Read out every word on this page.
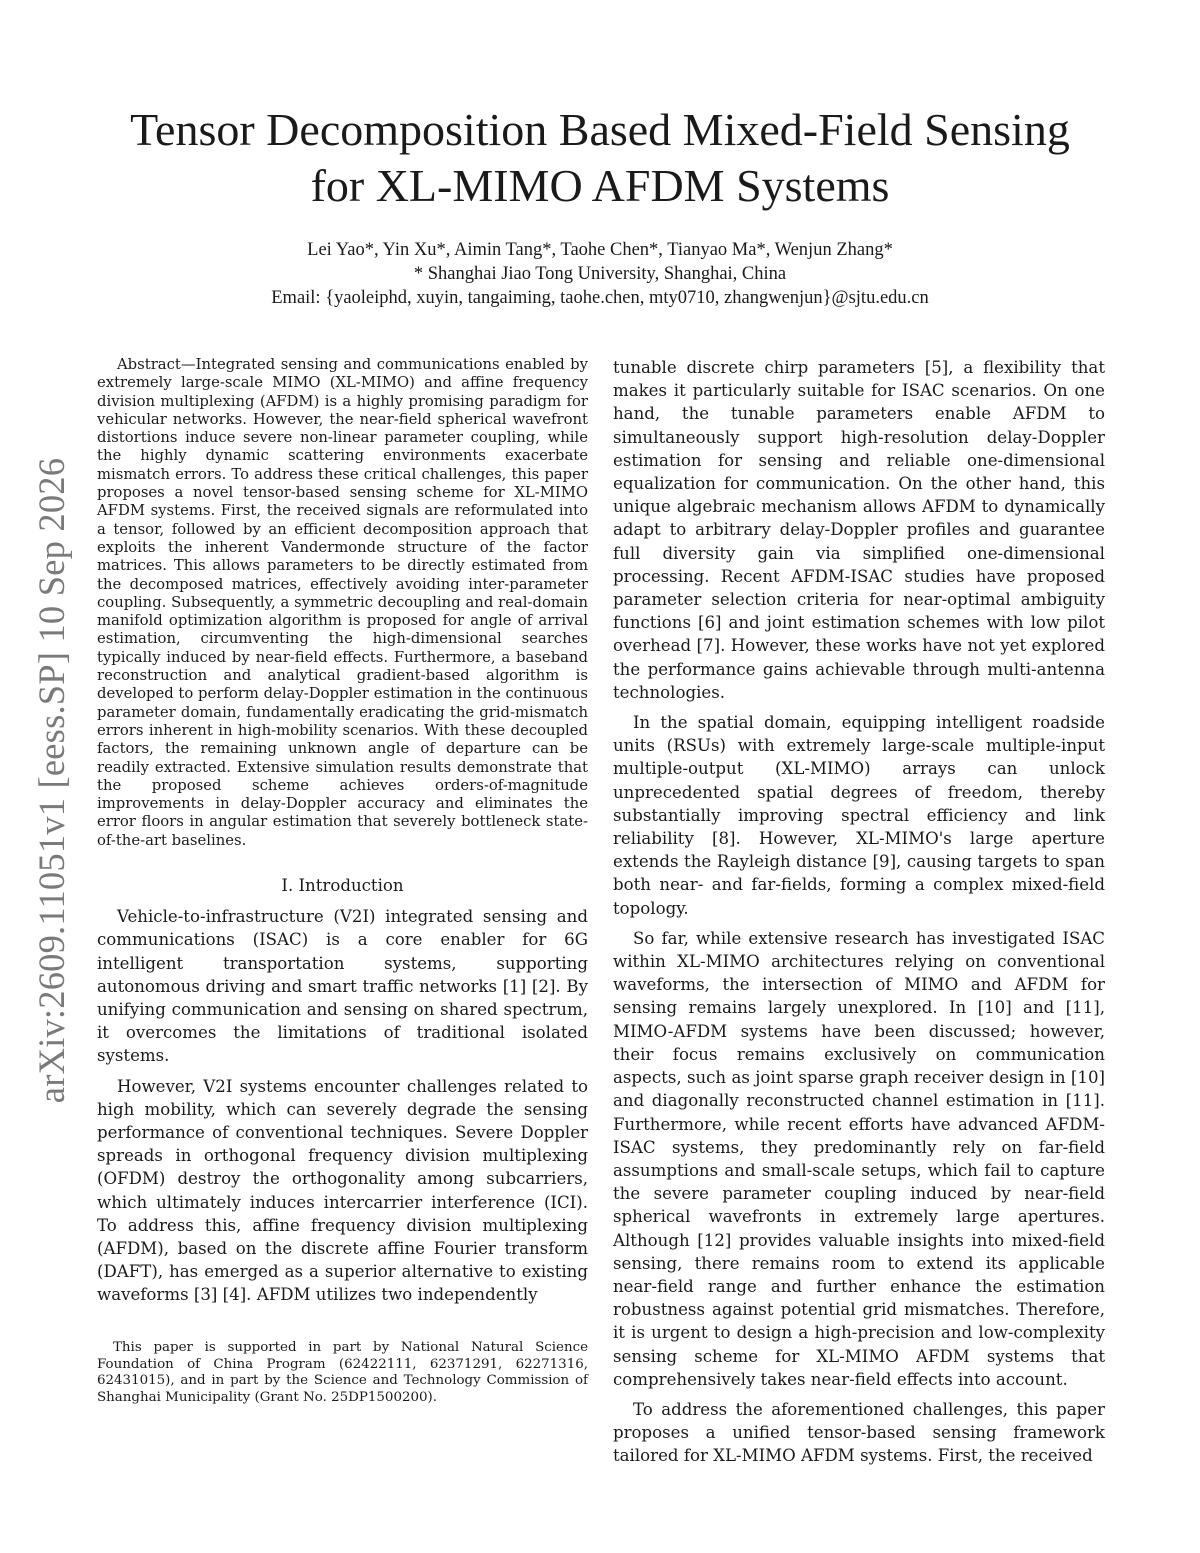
arXiv:2609.11051v1 [eess.SP] 10 Sep 2026
Tensor Decomposition Based Mixed-Field Sensing
for XL-MIMO AFDM Systems
Lei Yao*, Yin Xu*, Aimin Tang*, Taohe Chen*, Tianyao Ma*, Wenjun Zhang*
* Shanghai Jiao Tong University, Shanghai, China
Email: {yaoleiphd, xuyin, tangaiming, taohe.chen, mty0710, zhangwenjun}@sjtu.edu.cn

Abstract—Integrated sensing and communications enabled by extremely large-scale MIMO (XL-MIMO) and affine frequency division multiplexing (AFDM) is a highly promising paradigm for vehicular networks. However, the near-field spherical wavefront distortions induce severe non-linear parameter coupling, while the highly dynamic scattering environments exacerbate mismatch errors. To address these critical challenges, this paper proposes a novel tensor-based sensing scheme for XL-MIMO AFDM systems. First, the received signals are reformulated into a tensor, followed by an efficient decomposition approach that exploits the inherent Vandermonde structure of the factor matrices. This allows parameters to be directly estimated from the decomposed matrices, effectively avoiding inter-parameter coupling. Subsequently, a symmetric decoupling and real-domain manifold optimization algorithm is proposed for angle of arrival estimation, circumventing the high-dimensional searches typically induced by near-field effects. Furthermore, a baseband reconstruction and analytical gradient-based algorithm is developed to perform delay-Doppler estimation in the continuous parameter domain, fundamentally eradicating the grid-mismatch errors inherent in high-mobility scenarios. With these decoupled factors, the remaining unknown angle of departure can be readily extracted. Extensive simulation results demonstrate that the proposed scheme achieves orders-of-magnitude improvements in delay-Doppler accuracy and eliminates the error floors in angular estimation that severely bottleneck state-of-the-art baselines.

I. Introduction

Vehicle-to-infrastructure (V2I) integrated sensing and communications (ISAC) is a core enabler for 6G intelligent transportation systems, supporting autonomous driving and smart traffic networks [1] [2]. By unifying communication and sensing on shared spectrum, it overcomes the limitations of traditional isolated systems.

However, V2I systems encounter challenges related to high mobility, which can severely degrade the sensing performance of conventional techniques. Severe Doppler spreads in orthogonal frequency division multiplexing (OFDM) destroy the orthogonality among subcarriers, which ultimately induces intercarrier interference (ICI). To address this, affine frequency division multiplexing (AFDM), based on the discrete affine Fourier transform (DAFT), has emerged as a superior alternative to existing waveforms [3] [4]. AFDM utilizes two independently

This paper is supported in part by National Natural Science Foundation of China Program (62422111, 62371291, 62271316, 62431015), and in part by the Science and Technology Commission of Shanghai Municipality (Grant No. 25DP1500200).

tunable discrete chirp parameters [5], a flexibility that makes it particularly suitable for ISAC scenarios. On one hand, the tunable parameters enable AFDM to simultaneously support high-resolution delay-Doppler estimation for sensing and reliable one-dimensional equalization for communication. On the other hand, this unique algebraic mechanism allows AFDM to dynamically adapt to arbitrary delay-Doppler profiles and guarantee full diversity gain via simplified one-dimensional processing. Recent AFDM-ISAC studies have proposed parameter selection criteria for near-optimal ambiguity functions [6] and joint estimation schemes with low pilot overhead [7]. However, these works have not yet explored the performance gains achievable through multi-antenna technologies.

In the spatial domain, equipping intelligent roadside units (RSUs) with extremely large-scale multiple-input multiple-output (XL-MIMO) arrays can unlock unprecedented spatial degrees of freedom, thereby substantially improving spectral efficiency and link reliability [8]. However, XL-MIMO's large aperture extends the Rayleigh distance [9], causing targets to span both near- and far-fields, forming a complex mixed-field topology.

So far, while extensive research has investigated ISAC within XL-MIMO architectures relying on conventional waveforms, the intersection of MIMO and AFDM for sensing remains largely unexplored. In [10] and [11], MIMO-AFDM systems have been discussed; however, their focus remains exclusively on communication aspects, such as joint sparse graph receiver design in [10] and diagonally reconstructed channel estimation in [11]. Furthermore, while recent efforts have advanced AFDM-ISAC systems, they predominantly rely on far-field assumptions and small-scale setups, which fail to capture the severe parameter coupling induced by near-field spherical wavefronts in extremely large apertures. Although [12] provides valuable insights into mixed-field sensing, there remains room to extend its applicable near-field range and further enhance the estimation robustness against potential grid mismatches. Therefore, it is urgent to design a high-precision and low-complexity sensing scheme for XL-MIMO AFDM systems that comprehensively takes near-field effects into account.

To address the aforementioned challenges, this paper proposes a unified tensor-based sensing framework tailored for XL-MIMO AFDM systems. First, the received
